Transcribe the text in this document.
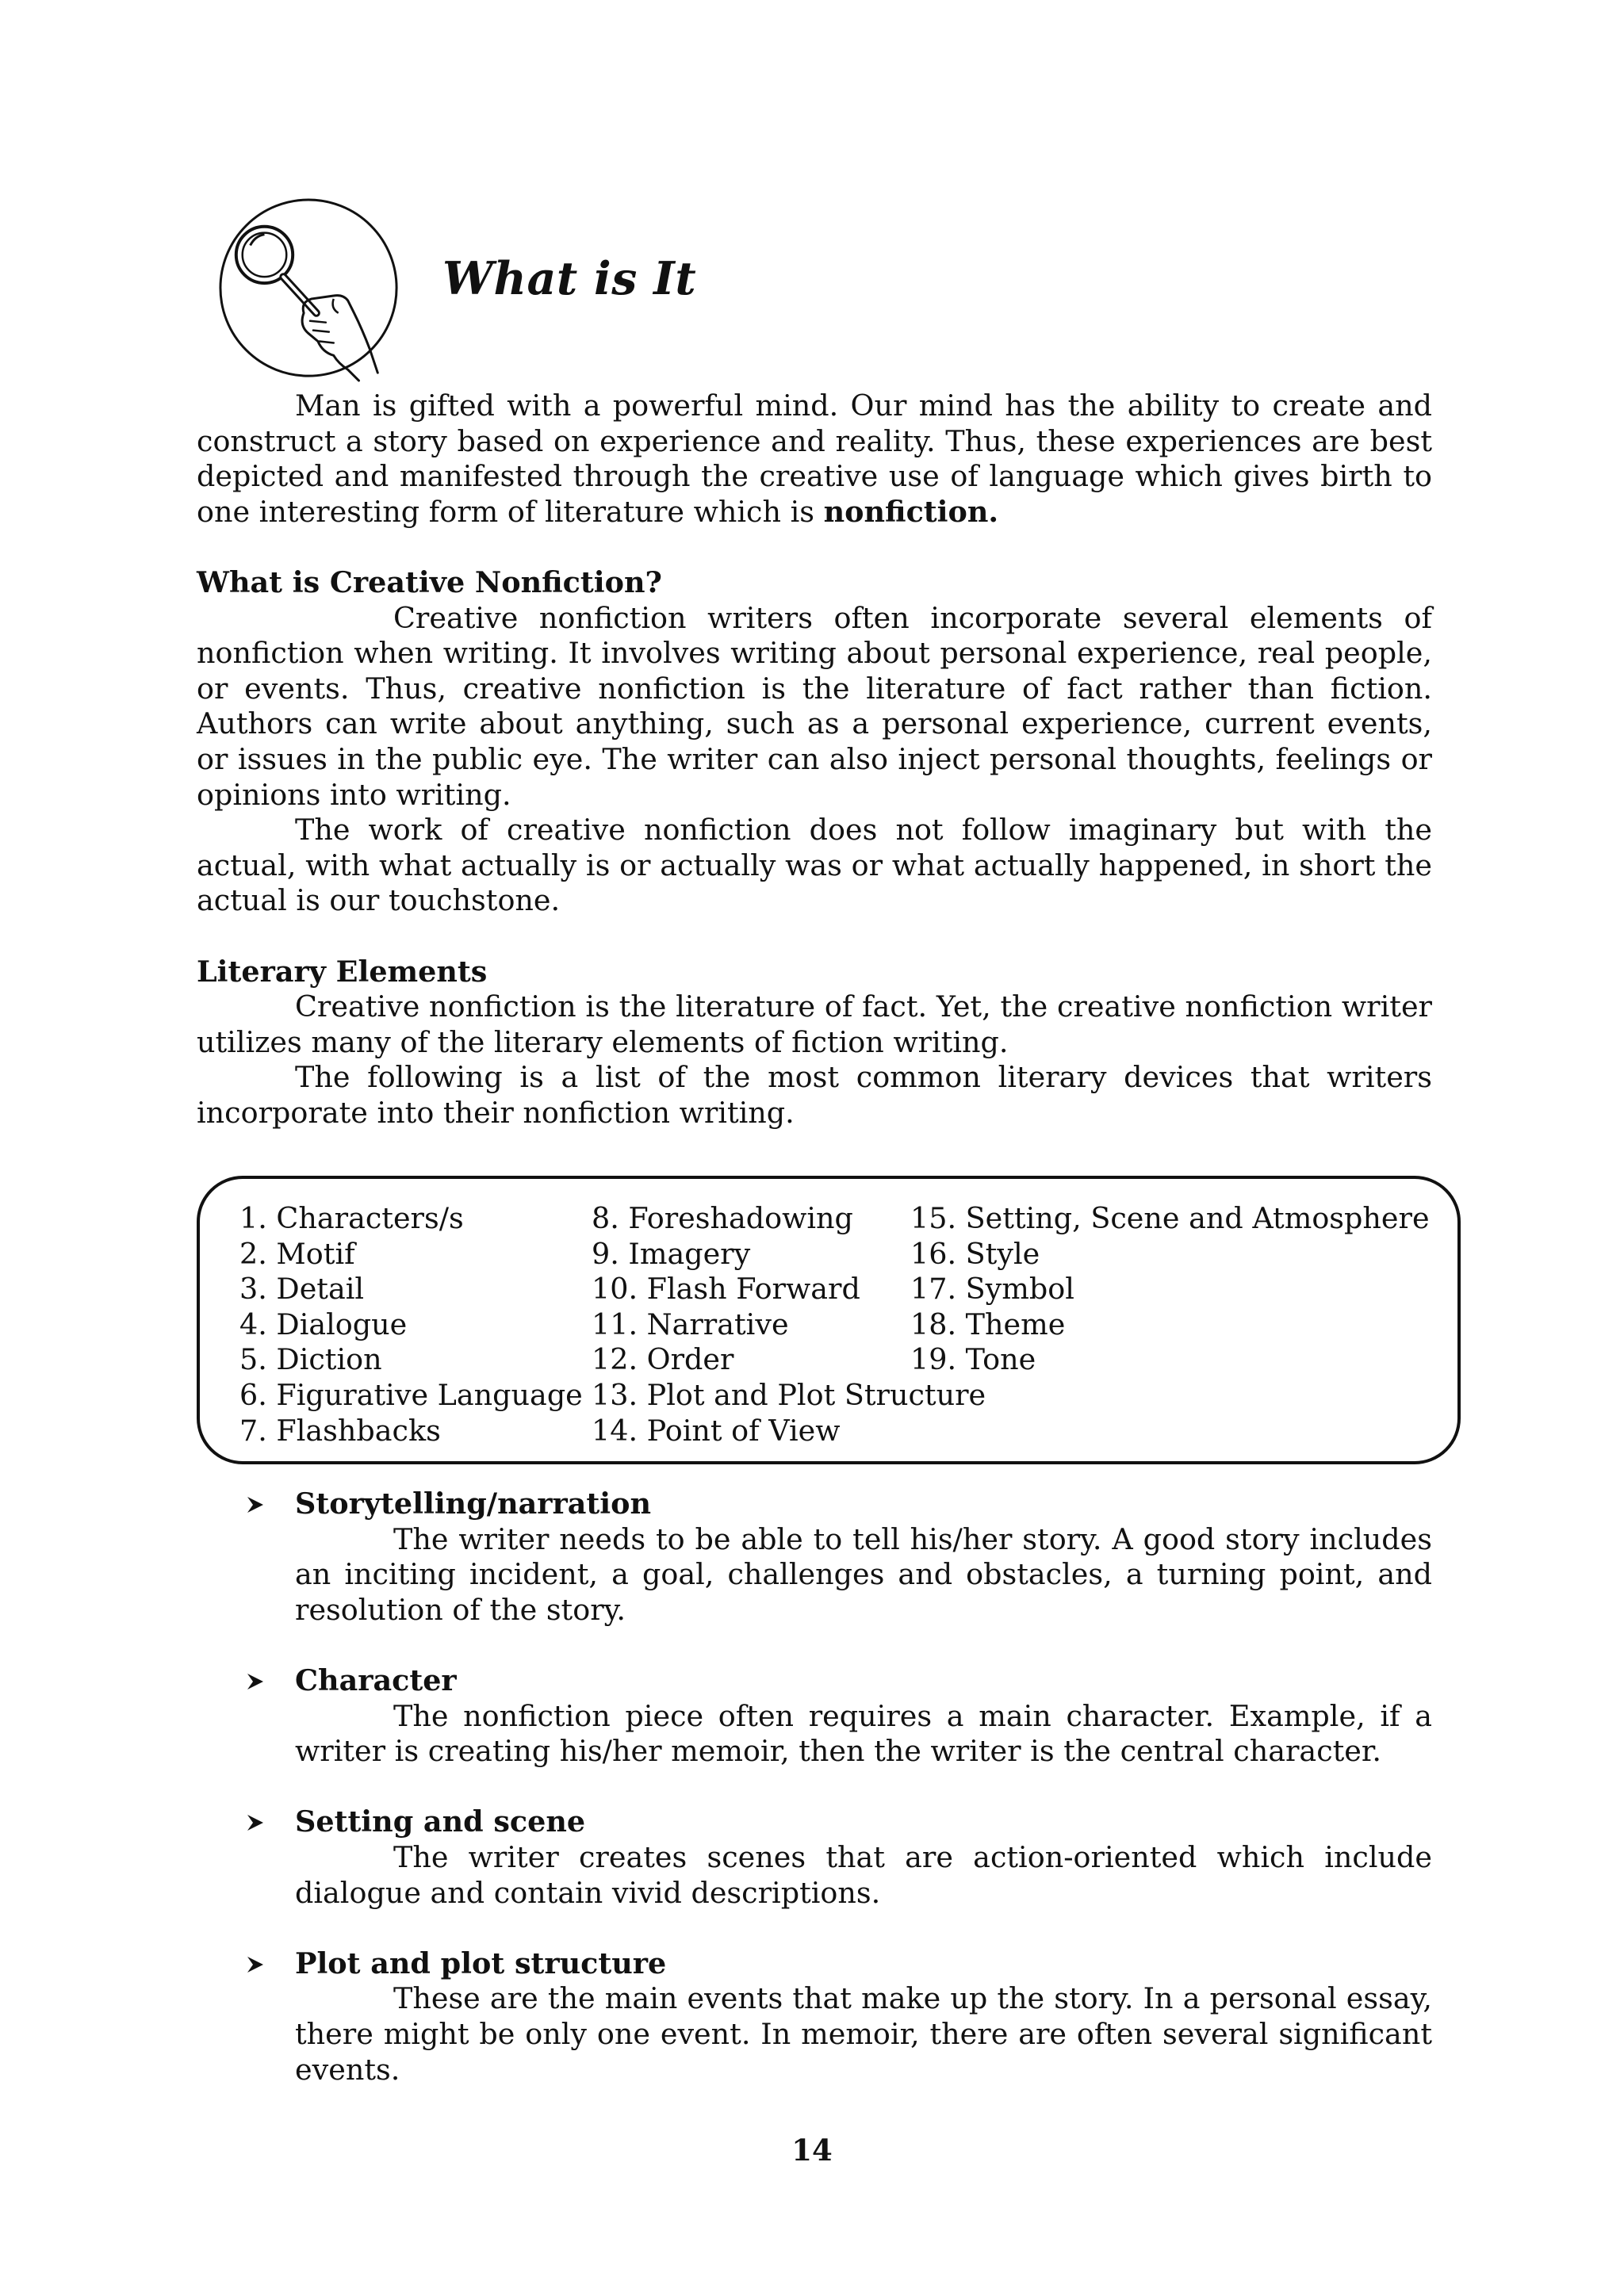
What is It

Man is gifted with a powerful mind. Our mind has the ability to create and construct a story based on experience and reality. Thus, these experiences are best depicted and manifested through the creative use of language which gives birth to one interesting form of literature which is nonfiction.

What is Creative Nonfiction?

Creative nonfiction writers often incorporate several elements of nonfiction when writing. It involves writing about personal experience, real people, or events. Thus, creative nonfiction is the literature of fact rather than fiction. Authors can write about anything, such as a personal experience, current events, or issues in the public eye. The writer can also inject personal thoughts, feelings or opinions into writing.

The work of creative nonfiction does not follow imaginary but with the actual, with what actually is or actually was or what actually happened, in short the actual is our touchstone.

Literary Elements

Creative nonfiction is the literature of fact. Yet, the creative nonfiction writer utilizes many of the literary elements of fiction writing.

The following is a list of the most common literary devices that writers incorporate into their nonfiction writing.

1. Characters/s
2. Motif
3. Detail
4. Dialogue
5. Diction
6. Figurative Language
7. Flashbacks
8. Foreshadowing
9. Imagery
10. Flash Forward
11. Narrative
12. Order
13. Plot and Plot Structure
14. Point of View
15. Setting, Scene and Atmosphere
16. Style
17. Symbol
18. Theme
19. Tone

Storytelling/narration

The writer needs to be able to tell his/her story. A good story includes an inciting incident, a goal, challenges and obstacles, a turning point, and resolution of the story.

Character

The nonfiction piece often requires a main character. Example, if a writer is creating his/her memoir, then the writer is the central character.

Setting and scene

The writer creates scenes that are action-oriented which include dialogue and contain vivid descriptions.

Plot and plot structure

These are the main events that make up the story. In a personal essay, there might be only one event. In memoir, there are often several significant events.

14
